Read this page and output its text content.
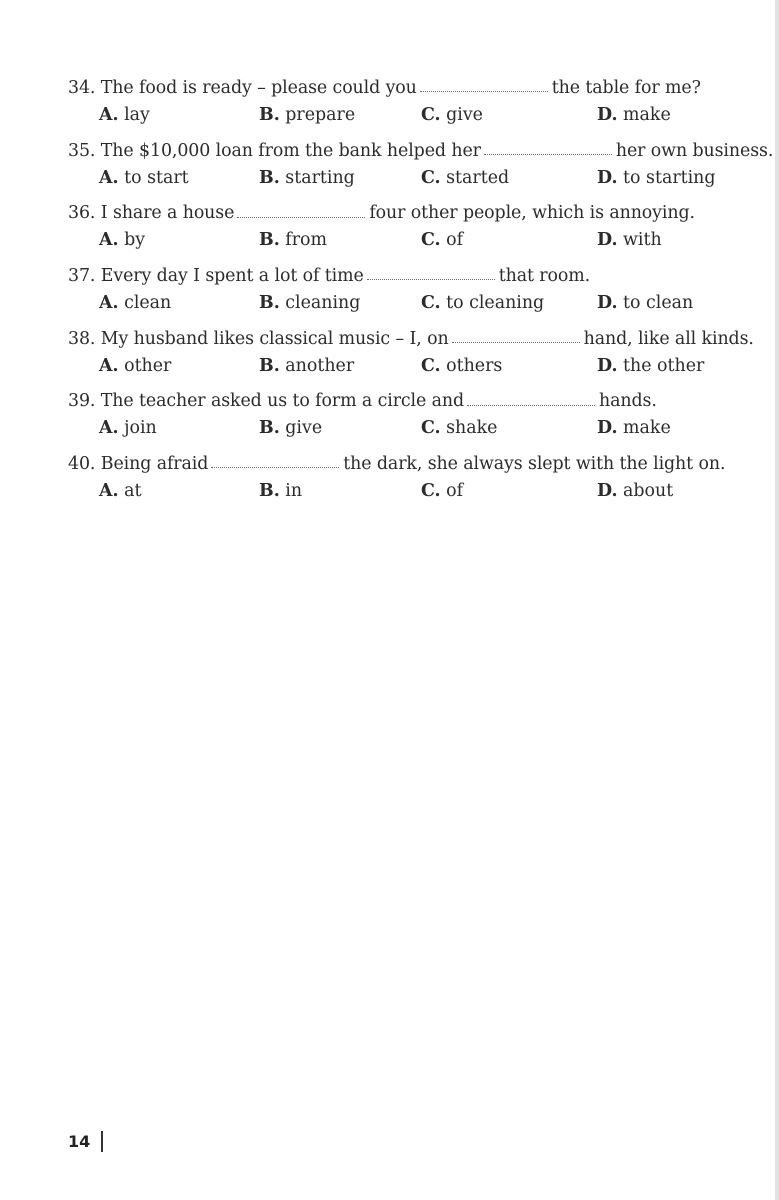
34. The food is ready – please could you	the table for me?
A. lay	B. prepare	C. give	D. make
35. The $10,000 loan from the bank helped her	her own business.
A. to start	B. starting	C. started	D. to starting
36. I share a house	four other people, which is annoying.
A. by	B. from	C. of	D. with
37. Every day I spent a lot of time	that room.
A. clean	B. cleaning	C. to cleaning	D. to clean
38. My husband likes classical music – I, on	hand, like all kinds.
A. other	B. another	C. others	D. the other
39. The teacher asked us to form a circle and	hands.
A. join	B. give	C. shake	D. make
40. Being afraid	the dark, she always slept with the light on.
A. at	B. in	C. of	D. about
14
